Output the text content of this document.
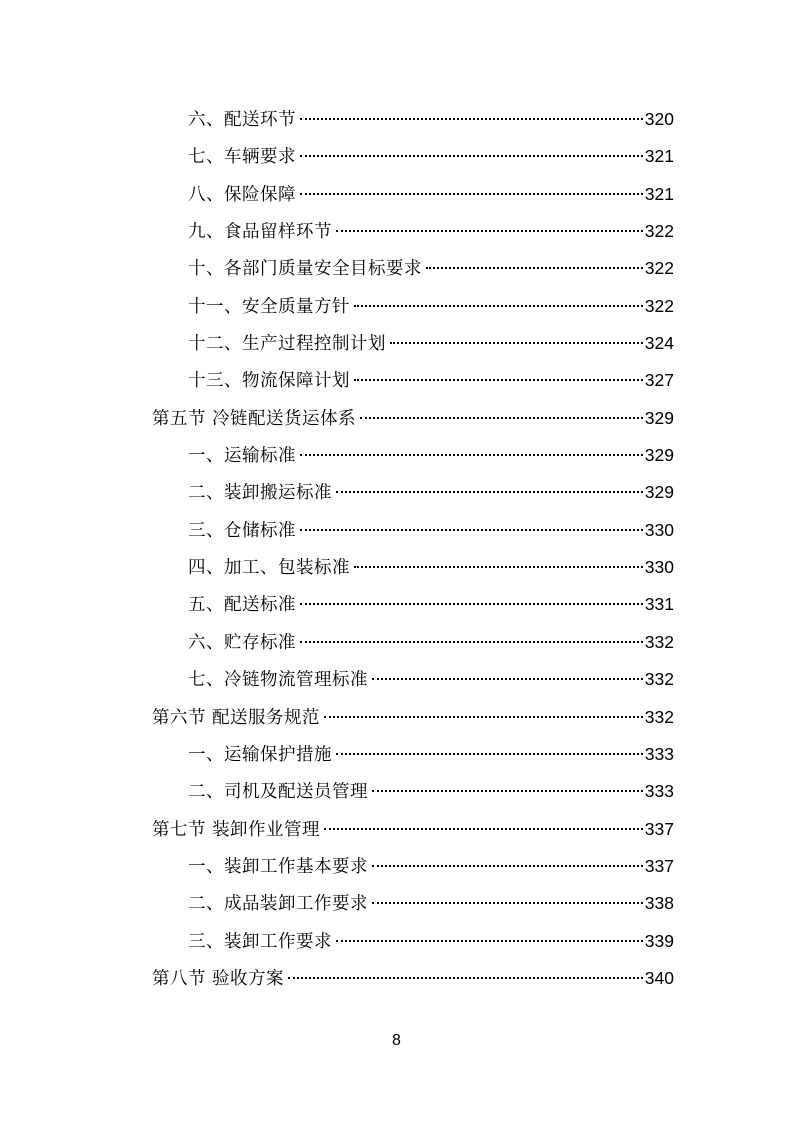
六、配送环节	320
七、车辆要求	321
八、保险保障	321
九、食品留样环节	322
十、各部门质量安全目标要求	322
十一、安全质量方针	322
十二、生产过程控制计划	324
十三、物流保障计划	327
第五节 冷链配送货运体系	329
一、运输标准	329
二、装卸搬运标准	329
三、仓储标准	330
四、加工、包装标准	330
五、配送标准	331
六、贮存标准	332
七、冷链物流管理标准	332
第六节 配送服务规范	332
一、运输保护措施	333
二、司机及配送员管理	333
第七节 装卸作业管理	337
一、装卸工作基本要求	337
二、成品装卸工作要求	338
三、装卸工作要求	339
第八节 验收方案	340
8
